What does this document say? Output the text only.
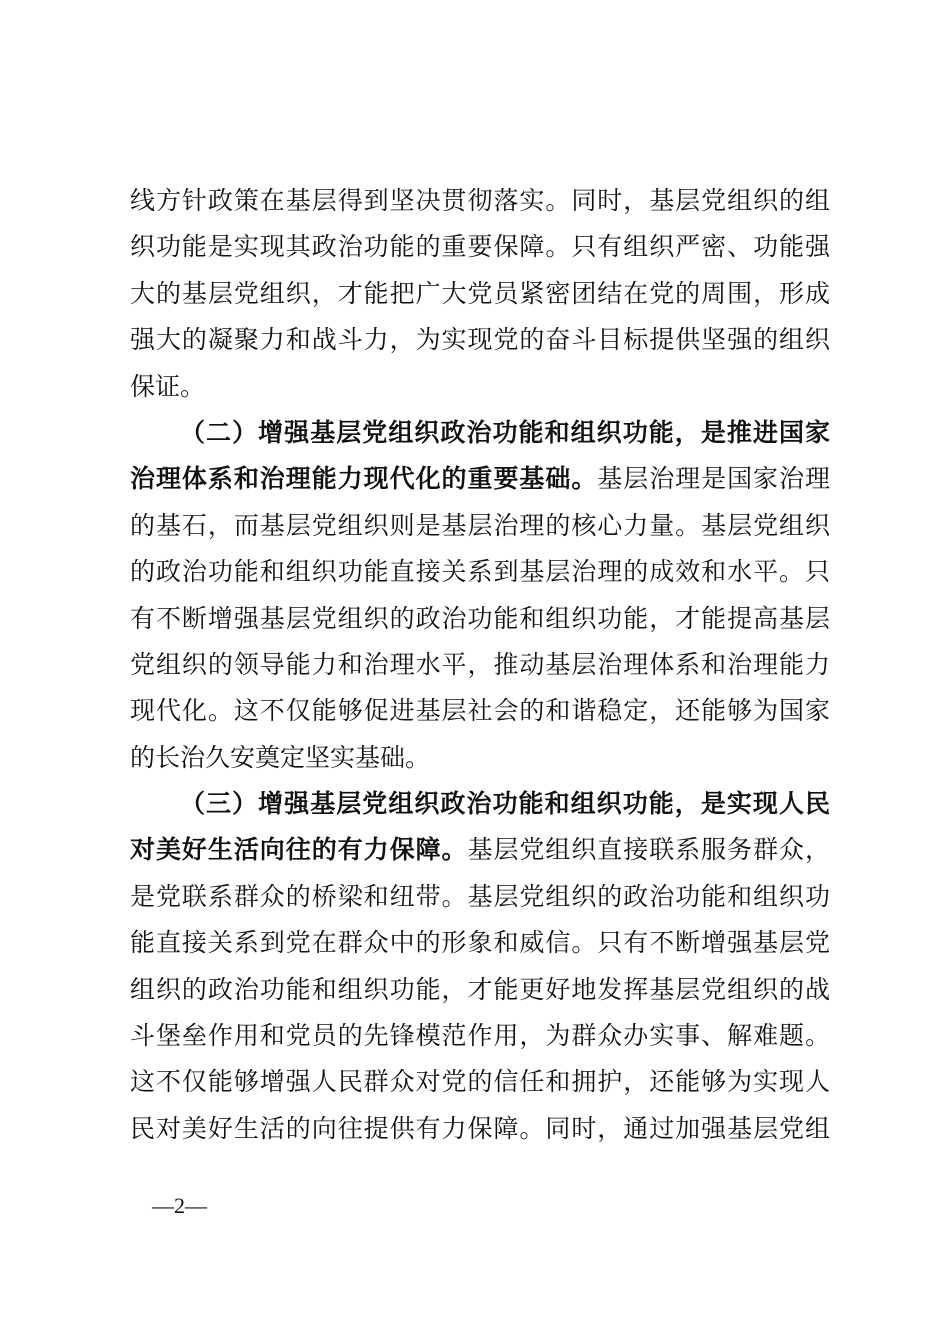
线方针政策在基层得到坚决贯彻落实。同时，基层党组织的组
织功能是实现其政治功能的重要保障。只有组织严密、功能强
大的基层党组织，才能把广大党员紧密团结在党的周围，形成
强大的凝聚力和战斗力，为实现党的奋斗目标提供坚强的组织
保证。
（二）增强基层党组织政治功能和组织功能，是推进国家
治理体系和治理能力现代化的重要基础。基层治理是国家治理
的基石，而基层党组织则是基层治理的核心力量。基层党组织
的政治功能和组织功能直接关系到基层治理的成效和水平。只
有不断增强基层党组织的政治功能和组织功能，才能提高基层
党组织的领导能力和治理水平，推动基层治理体系和治理能力
现代化。这不仅能够促进基层社会的和谐稳定，还能够为国家
的长治久安奠定坚实基础。
（三）增强基层党组织政治功能和组织功能，是实现人民
对美好生活向往的有力保障。基层党组织直接联系服务群众，
是党联系群众的桥梁和纽带。基层党组织的政治功能和组织功
能直接关系到党在群众中的形象和威信。只有不断增强基层党
组织的政治功能和组织功能，才能更好地发挥基层党组织的战
斗堡垒作用和党员的先锋模范作用，为群众办实事、解难题。
这不仅能够增强人民群众对党的信任和拥护，还能够为实现人
民对美好生活的向往提供有力保障。同时，通过加强基层党组
—2—
